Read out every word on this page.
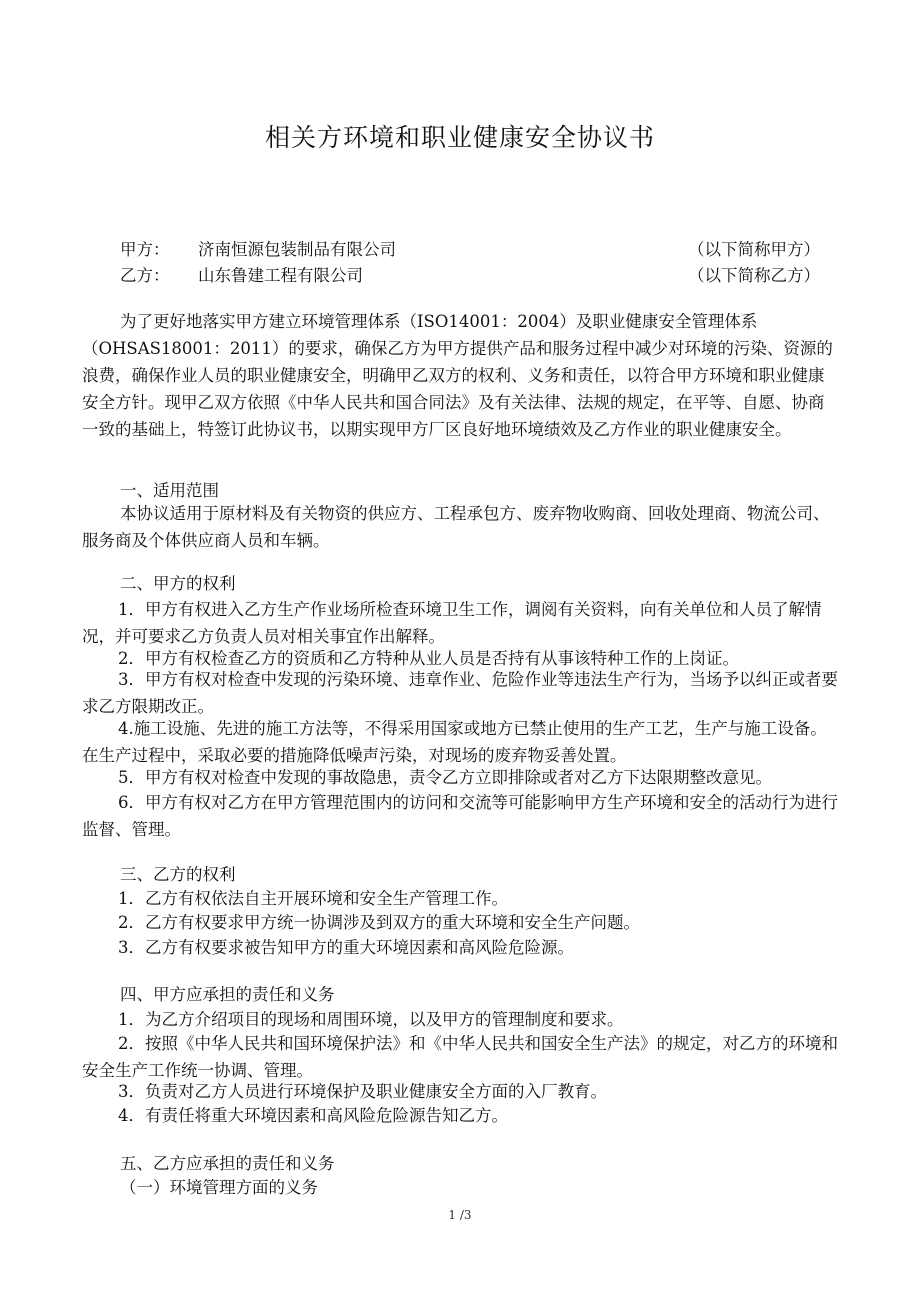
相关方环境和职业健康安全协议书
甲方： 济南恒源包装制品有限公司	（以下简称甲方）
乙方： 山东鲁建工程有限公司	（以下简称乙方）
为了更好地落实甲方建立环境管理体系（ISO14001：2004）及职业健康安全管理体系（OHSAS18001：2011）的要求，确保乙方为甲方提供产品和服务过程中减少对环境的污染、资源的浪费，确保作业人员的职业健康安全，明确甲乙双方的权利、义务和责任，以符合甲方环境和职业健康安全方针。现甲乙双方依照《中华人民共和国合同法》及有关法律、法规的规定，在平等、自愿、协商一致的基础上，特签订此协议书，以期实现甲方厂区良好地环境绩效及乙方作业的职业健康安全。
一、适用范围
本协议适用于原材料及有关物资的供应方、工程承包方、废弃物收购商、回收处理商、物流公司、服务商及个体供应商人员和车辆。
二、甲方的权利
1．甲方有权进入乙方生产作业场所检查环境卫生工作，调阅有关资料，向有关单位和人员了解情况，并可要求乙方负责人员对相关事宜作出解释。
2．甲方有权检查乙方的资质和乙方特种从业人员是否持有从事该特种工作的上岗证。
3．甲方有权对检查中发现的污染环境、违章作业、危险作业等违法生产行为，当场予以纠正或者要求乙方限期改正。
4.施工设施、先进的施工方法等，不得采用国家或地方已禁止使用的生产工艺，生产与施工设备。在生产过程中，采取必要的措施降低噪声污染，对现场的废弃物妥善处置。
5．甲方有权对检查中发现的事故隐患，责令乙方立即排除或者对乙方下达限期整改意见。
6．甲方有权对乙方在甲方管理范围内的访问和交流等可能影响甲方生产环境和安全的活动行为进行监督、管理。
三、乙方的权利
1．乙方有权依法自主开展环境和安全生产管理工作。
2．乙方有权要求甲方统一协调涉及到双方的重大环境和安全生产问题。
3．乙方有权要求被告知甲方的重大环境因素和高风险危险源。
四、甲方应承担的责任和义务
1．为乙方介绍项目的现场和周围环境，以及甲方的管理制度和要求。
2．按照《中华人民共和国环境保护法》和《中华人民共和国安全生产法》的规定，对乙方的环境和安全生产工作统一协调、管理。
3．负责对乙方人员进行环境保护及职业健康安全方面的入厂教育。
4．有责任将重大环境因素和高风险危险源告知乙方。
五、乙方应承担的责任和义务
（一）环境管理方面的义务
1 /3
